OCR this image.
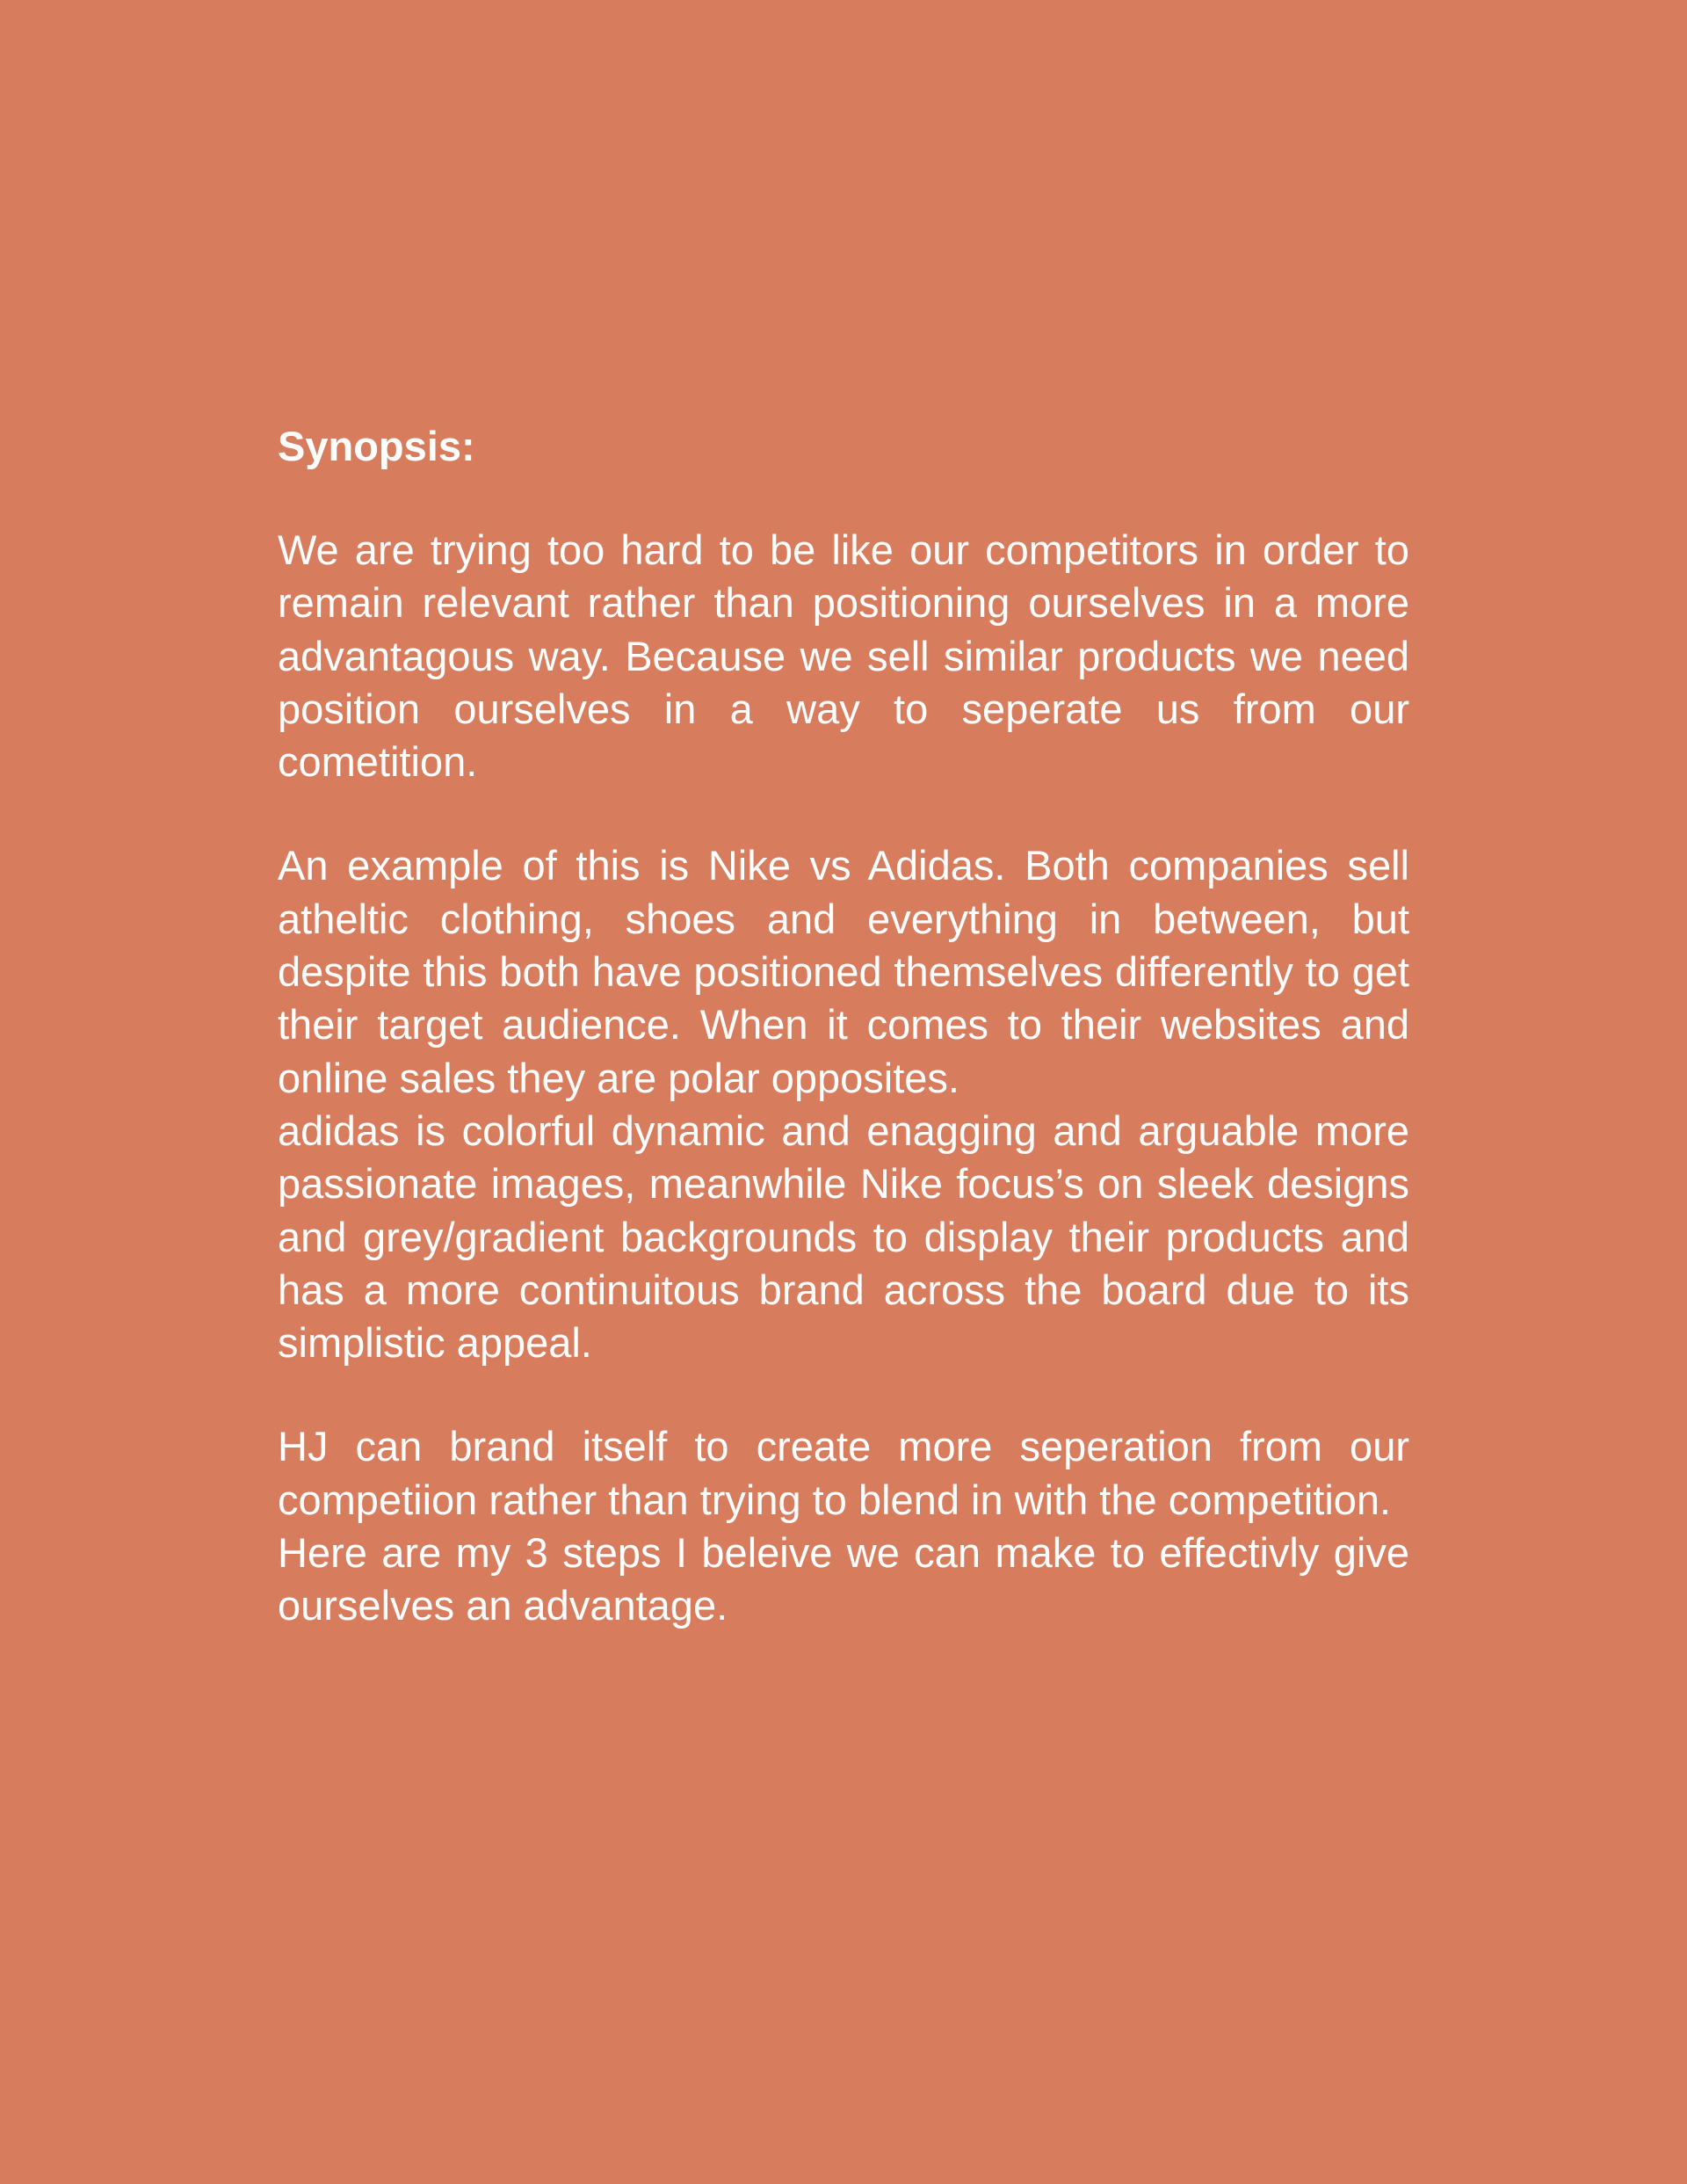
Synopsis:

We are trying too hard to be like our competitors in order to remain relevant rather than positioning ourselves in a more advantagous way. Because we sell similar products we need position ourselves in a way to seperate us from our cometition.

An example of this is Nike vs Adidas. Both companies sell atheltic clothing, shoes and everything in between, but despite this both have positioned themselves differently to get their target audience. When it comes to their websites and online sales they are polar opposites.

adidas is colorful dynamic and enagging and arguable more passionate images, meanwhile Nike focus’s on sleek designs and grey/gradient backgrounds to display their products and has a more continuitous brand across the board due to its simplistic appeal.

HJ can brand itself to create more seperation from our competiion rather than trying to blend in with the competition.

Here are my 3 steps I beleive we can make to effectivly give ourselves an advantage.
